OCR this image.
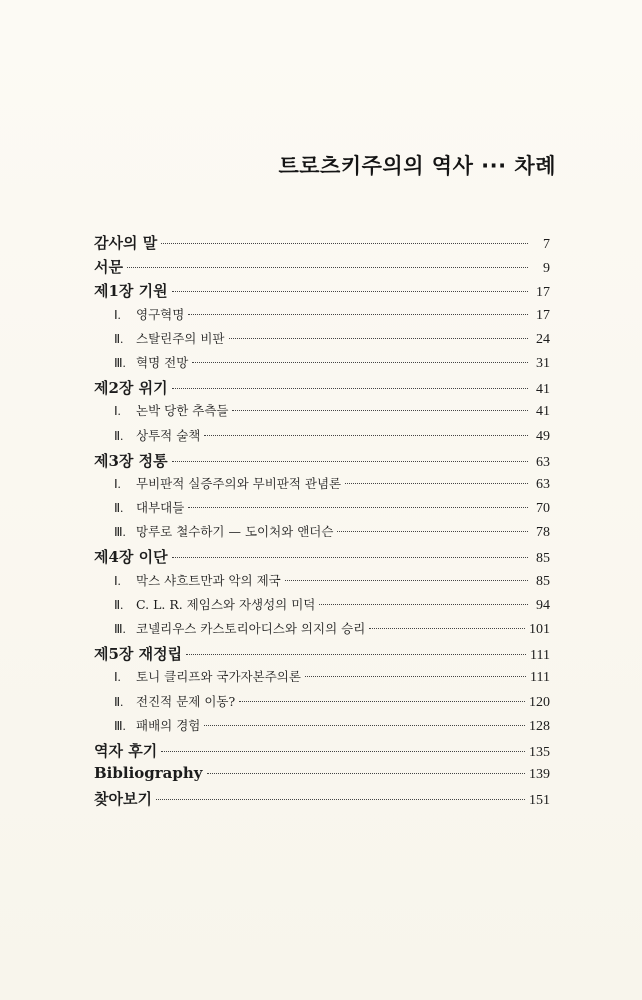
트로츠키주의의 역사 ··· 차례
감사의 말	7
서문	9
제1장 기원	17
Ⅰ.	영구혁명	17
Ⅱ.	스탈린주의 비판	24
Ⅲ. 혁명 전망	31
제2장 위기	41
Ⅰ.	논박 당한 추측들	41
Ⅱ.	상투적 술책	49
제3장 정통	63
Ⅰ.	무비판적 실증주의와 무비판적 관념론	63
Ⅱ.	대부대들	70
Ⅲ. 망루로 철수하기 — 도이처와 앤더슨	78
제4장 이단	85
Ⅰ.	막스 샤흐트만과 악의 제국	85
Ⅱ.	C. L. R. 제임스와 자생성의 미덕	94
Ⅲ. 코넬리우스 카스토리아디스와 의지의 승리	101
제5장 재정립	111
Ⅰ.	토니 클리프와 국가자본주의론	111
Ⅱ.	전진적 문제 이동?	120
Ⅲ. 패배의 경험	128
역자 후기	135
Bibliography	139
찾아보기	151
